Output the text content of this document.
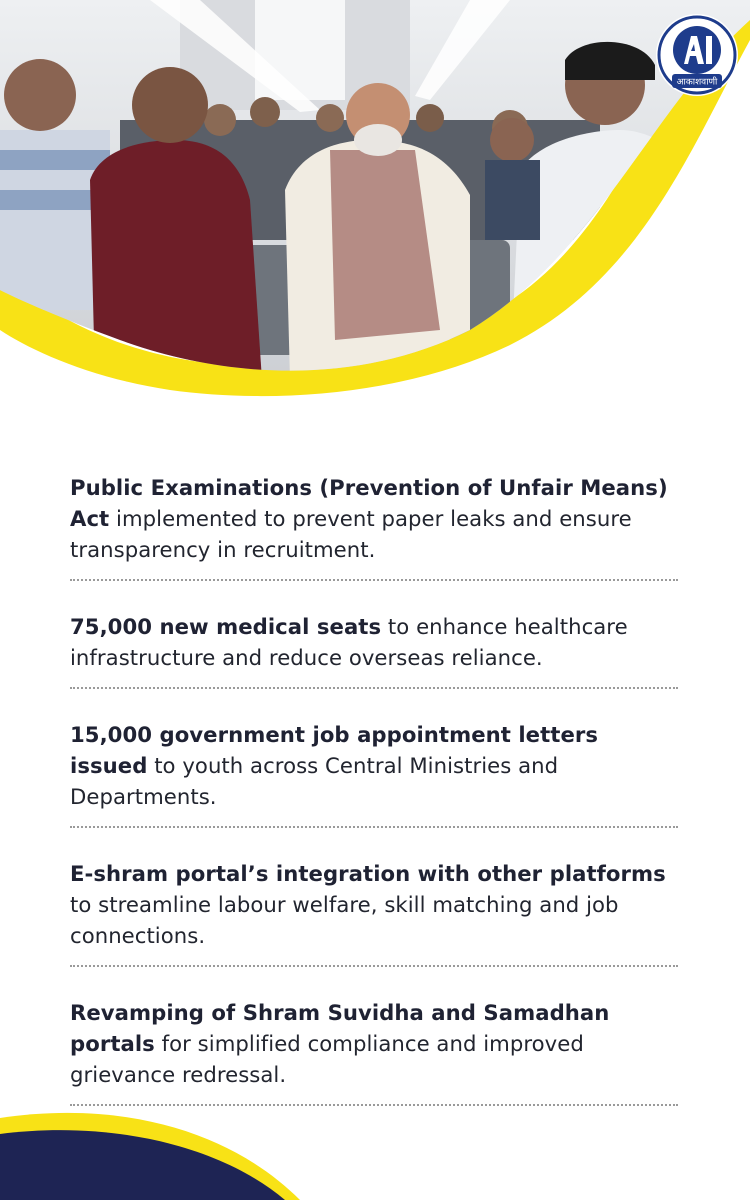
आकाशवाणी

Public Examinations (Prevention of Unfair Means) Act implemented to prevent paper leaks and ensure transparency in recruitment.

75,000 new medical seats to enhance healthcare infrastructure and reduce overseas reliance.

15,000 government job appointment letters issued to youth across Central Ministries and Departments.

E-shram portal’s integration with other platforms to streamline labour welfare, skill matching and job connections.

Revamping of Shram Suvidha and Samadhan portals for simplified compliance and improved grievance redressal.
